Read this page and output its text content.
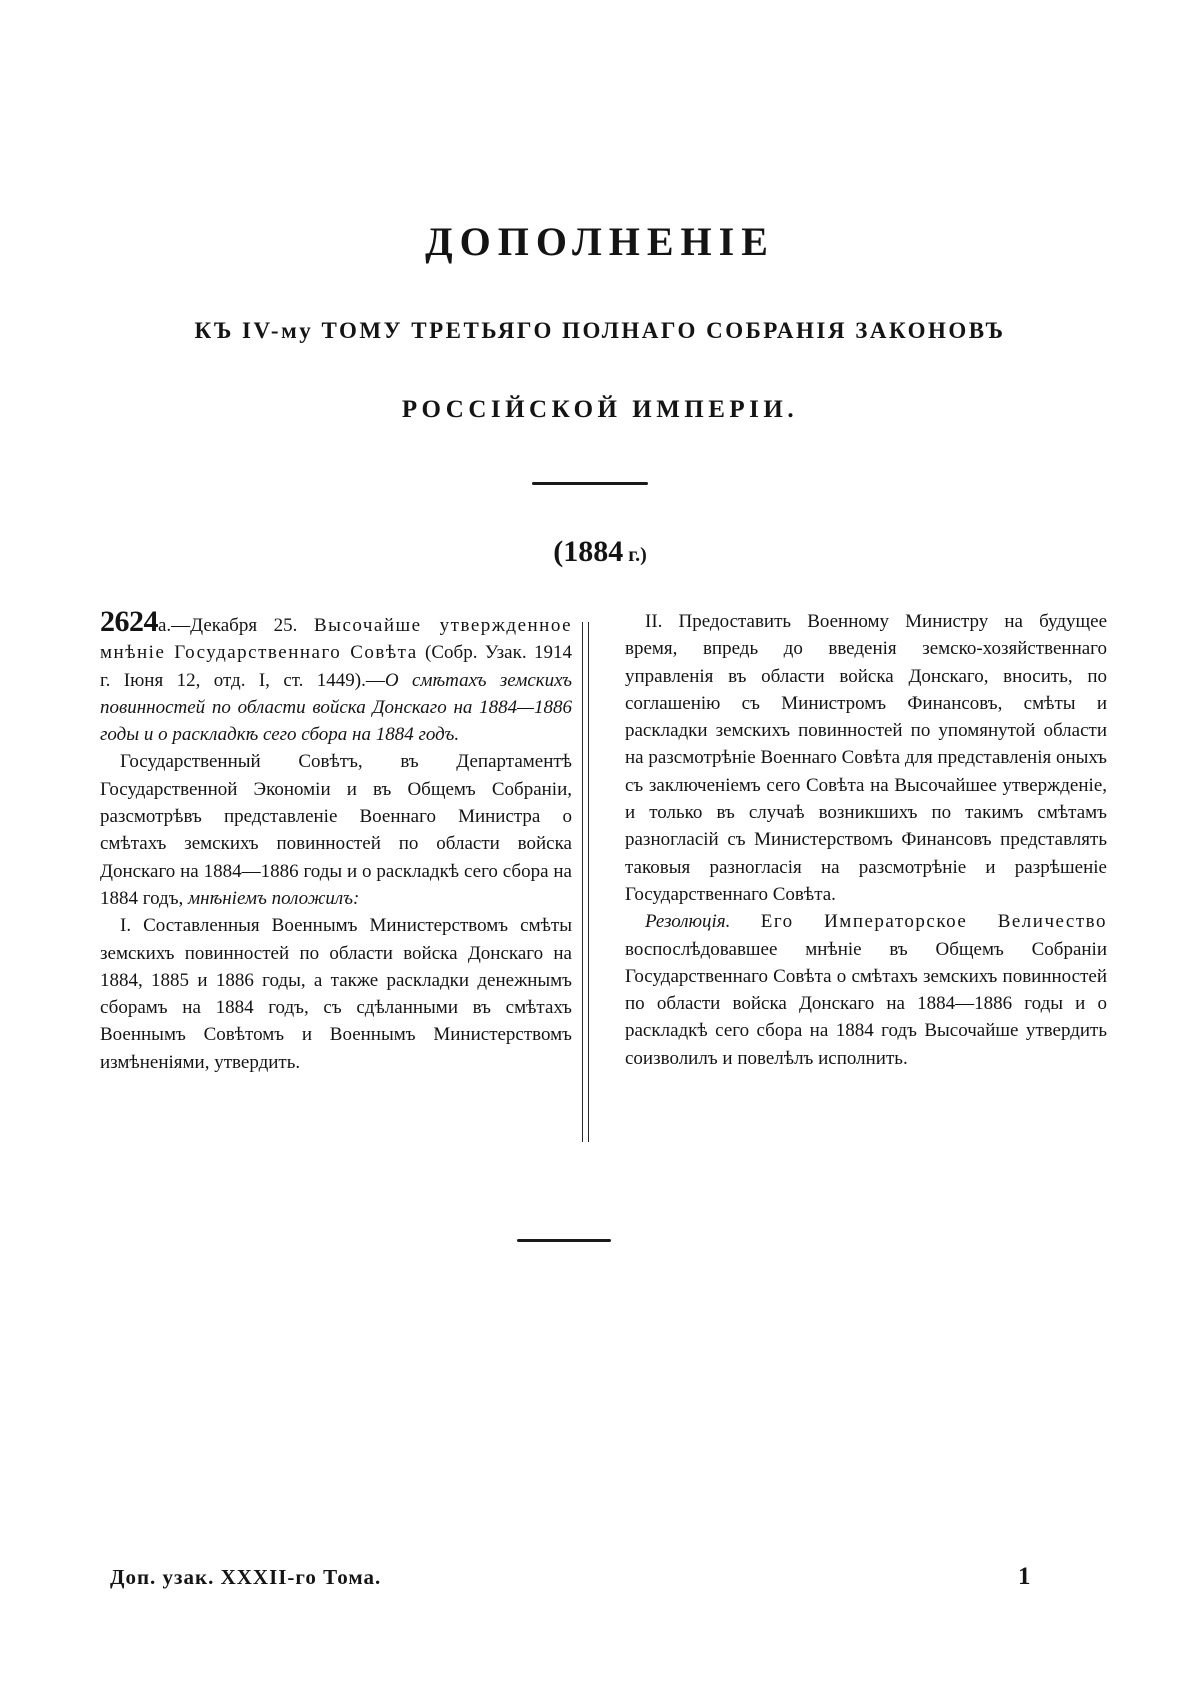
ДОПОЛНЕНІЕ
КЪ IV-му ТОМУ ТРЕТЬЯГО ПОЛНАГО СОБРАНІЯ ЗАКОНОВЪ
РОССІЙСКОЙ ИМПЕРІИ.
(1884 г.)

2624а.—Декабря 25. Высочайше утвержденное мнѣніе Государственнаго Совѣта (Собр. Узак. 1914 г. Іюня 12, отд. I, ст. 1449).—О смѣтахъ земскихъ повинностей по области войска Донскаго на 1884—1886 годы и о раскладкѣ сего сбора на 1884 годъ.

Государственный Совѣтъ, въ Департаментѣ Государственной Экономіи и въ Общемъ Собраніи, разсмотрѣвъ представленіе Военнаго Министра о смѣтахъ земскихъ повинностей по области войска Донскаго на 1884—1886 годы и о раскладкѣ сего сбора на 1884 годъ, мнѣніемъ положилъ:

I. Составленныя Военнымъ Министерствомъ смѣты земскихъ повинностей по области войска Донскаго на 1884, 1885 и 1886 годы, а также раскладки денежнымъ сборамъ на 1884 годъ, съ сдѣланными въ смѣтахъ Военнымъ Совѣтомъ и Военнымъ Министерствомъ измѣненіями, утвердить.

II. Предоставить Военному Министру на будущее время, впредь до введенія земско-хозяйственнаго управленія въ области войска Донскаго, вносить, по соглашенію съ Министромъ Финансовъ, смѣты и раскладки земскихъ повинностей по упомянутой области на разсмотрѣніе Военнаго Совѣта для представленія оныхъ съ заключеніемъ сего Совѣта на Высочайшее утвержденіе, и только въ случаѣ возникшихъ по такимъ смѣтамъ разногласій съ Министерствомъ Финансовъ представлять таковыя разногласія на разсмотрѣніе и разрѣшеніе Государственнаго Совѣта.

Резолюція. Его Императорское Величество воспослѣдовавшее мнѣніе въ Общемъ Собраніи Государственнаго Совѣта о смѣтахъ земскихъ повинностей по области войска Донскаго на 1884—1886 годы и о раскладкѣ сего сбора на 1884 годъ Высочайше утвердить соизволилъ и повелѣлъ исполнить.

Доп. узак. XXXII-го Тома.	1
